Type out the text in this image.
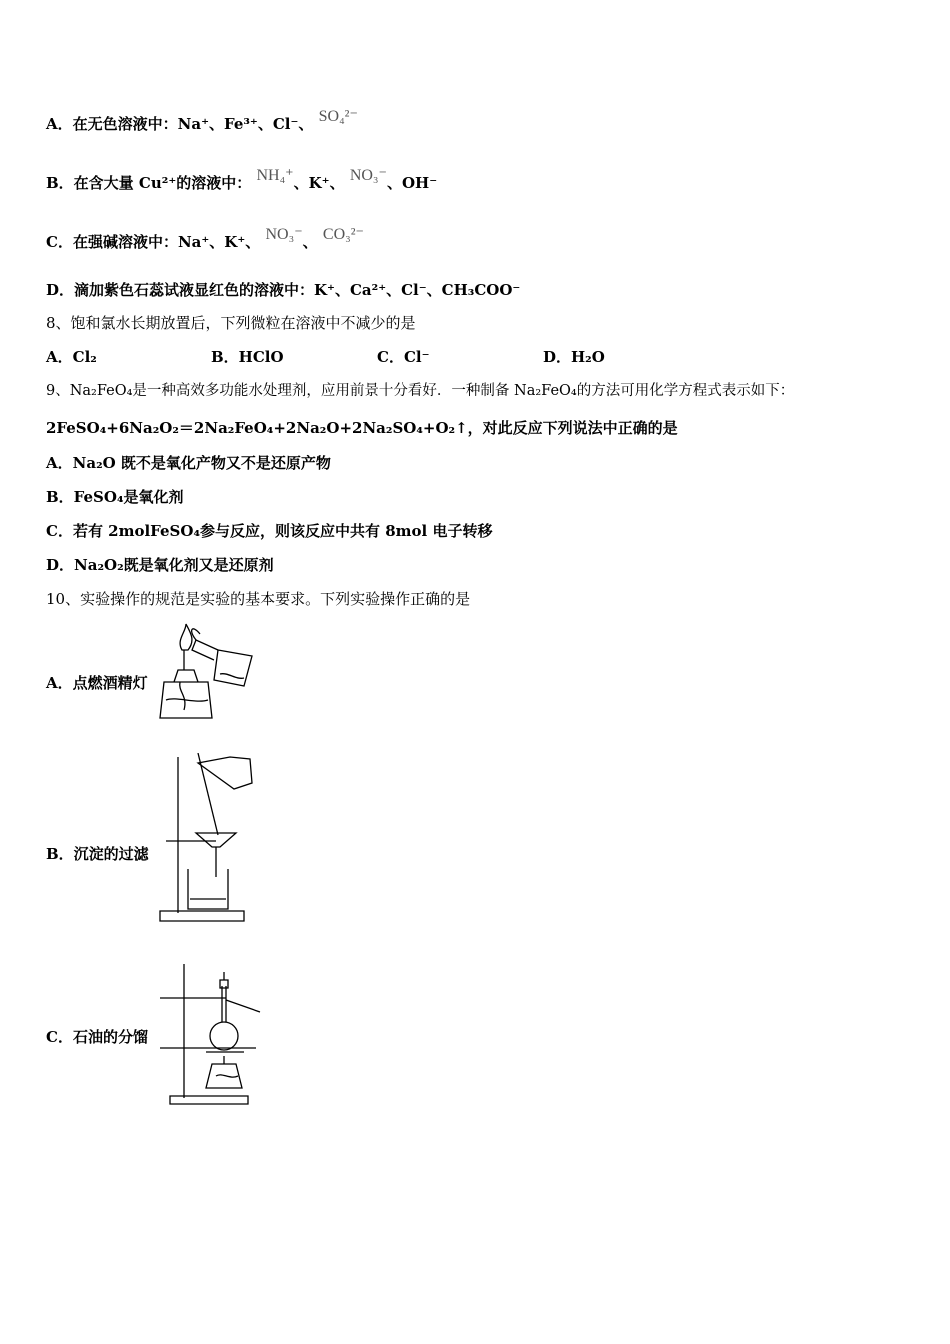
A．在无色溶液中：Na⁺、Fe³⁺、Cl⁻、 SO₄²⁻
B．在含大量 Cu²⁺的溶液中： NH₄⁺、K⁺、 NO₃⁻、OH⁻
C．在强碱溶液中：Na⁺、K⁺、 NO₃⁻、 CO₃²⁻
D．滴加紫色石蕊试液显红色的溶液中：K⁺、Ca²⁺、Cl⁻、CH₃COO⁻
8、饱和氯水长期放置后，下列微粒在溶液中不减少的是
A．Cl₂	B．HClO	C．Cl⁻	D．H₂O
9、Na₂FeO₄是一种高效多功能水处理剂，应用前景十分看好．一种制备 Na₂FeO₄的方法可用化学方程式表示如下：
2FeSO₄+6Na₂O₂＝2Na₂FeO₄+2Na₂O+2Na₂SO₄+O₂↑，对此反应下列说法中正确的是
A．Na₂O 既不是氧化产物又不是还原产物
B．FeSO₄是氧化剂
C．若有 2molFeSO₄参与反应，则该反应中共有 8mol 电子转移
D．Na₂O₂既是氧化剂又是还原剂
10、实验操作的规范是实验的基本要求。下列实验操作正确的是
A．点燃酒精灯
B．沉淀的过滤
C．石油的分馏
